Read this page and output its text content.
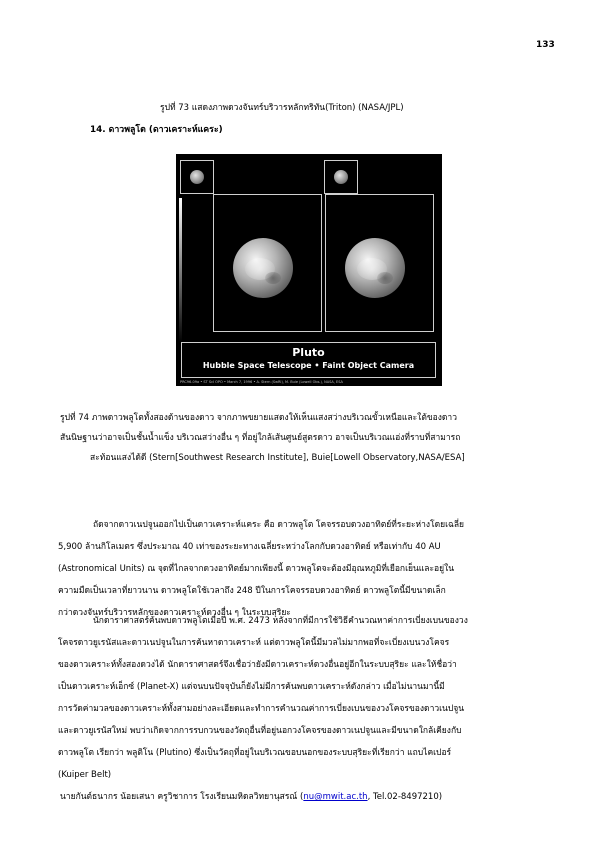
133
รูปที่ 73 แสดงภาพดวงจันทร์บริวารหลักทริทัน(Triton) (NASA/JPL)
14. ดาวพลูโต (ดาวเคราะห์แคระ)
Pluto
Hubble Space Telescope • Faint Object Camera
PRC96-09a • ST ScI OPO • March 7, 1996 • A. Stern (SwRI), M. Buie (Lowell Obs.), NASA, ESA
รูปที่ 74 ภาพดาวพลูโตทั้งสองด้านของดาว จากภาพขยายแสดงให้เห็นแสงสว่างบริเวณขั้วเหนือและใต้ของดาว
สันนิษฐานว่าอาจเป็นชั้นน้ำแข็ง บริเวณสว่างอื่น ๆ ที่อยู่ใกล้เส้นศูนย์สูตรดาว อาจเป็นบริเวณแอ่งที่ราบที่สามารถ
สะท้อนแสงได้ดี (Stern[Southwest Research Institute], Buie[Lowell Observatory,NASA/ESA]
ถัดจากดาวเนปจูนออกไปเป็นดาวเคราะห์แคระ คือ ดาวพลูโต โคจรรอบดวงอาทิตย์ที่ระยะห่างโดยเฉลี่ย
5,900 ล้านกิโลเมตร ซึ่งประมาณ 40 เท่าของระยะทางเฉลี่ยระหว่างโลกกับดวงอาทิตย์ หรือเท่ากับ 40 AU
(Astronomical Units) ณ จุดที่ไกลจากดวงอาทิตย์มากเพียงนี้ ดาวพลูโตจะต้องมีอุณหภูมิที่เยือกเย็นและอยู่ใน
ความมืดเป็นเวลาที่ยาวนาน ดาวพลูโตใช้เวลาถึง 248 ปีในการโคจรรอบดวงอาทิตย์ ดาวพลูโตนี้มีขนาดเล็ก
กว่าดวงจันทร์บริวารหลักของดาวเคราะห์ดวงอื่น ๆ ในระบบสุริยะ
นักดาราศาสตร์ค้นพบดาวพลูโตเมื่อปี พ.ศ. 2473 หลังจากที่มีการใช้วิธีคำนวณหาค่าการเบี่ยงเบนของวง
โคจรดาวยูเรนัสและดาวเนปจูนในการค้นหาดาวเคราะห์ แต่ดาวพลูโตนี้มีมวลไม่มากพอที่จะเบี่ยงเบนวงโคจร
ของดาวเคราะห์ทั้งสองดวงได้ นักดาราศาสตร์จึงเชื่อว่ายังมีดาวเคราะห์ดวงอื่นอยู่อีกในระบบสุริยะ และให้ชื่อว่า
เป็นดาวเคราะห์เอ็กซ์ (Planet-X) แต่จนบนปัจจุบันก็ยังไม่มีการค้นพบดาวเคราะห์ดังกล่าว เมื่อไม่นานมานี้มี
การวัดค่ามวลของดาวเคราะห์ทั้งสามอย่างละเอียดและทำการคำนวณค่าการเบี่ยงเบนของวงโคจรของดาวเนปจูน
และดาวยูเรนัสใหม่ พบว่าเกิดจากการรบกวนของวัตถุอื่นที่อยู่นอกวงโคจรของดาวเนปจูนและมีขนาดใกล้เคียงกับ
ดาวพลูโต เรียกว่า พลูติโน (Plutino) ซึ่งเป็นวัตถุที่อยู่ในบริเวณขอบนอกของระบบสุริยะที่เรียกว่า แถบไคเปอร์
(Kuiper Belt)
นายกันต์ธนากร น้อยเสนา ครูวิชาการ โรงเรียนมหิดลวิทยานุสรณ์ (nu@mwit.ac.th, Tel.02-8497210)
